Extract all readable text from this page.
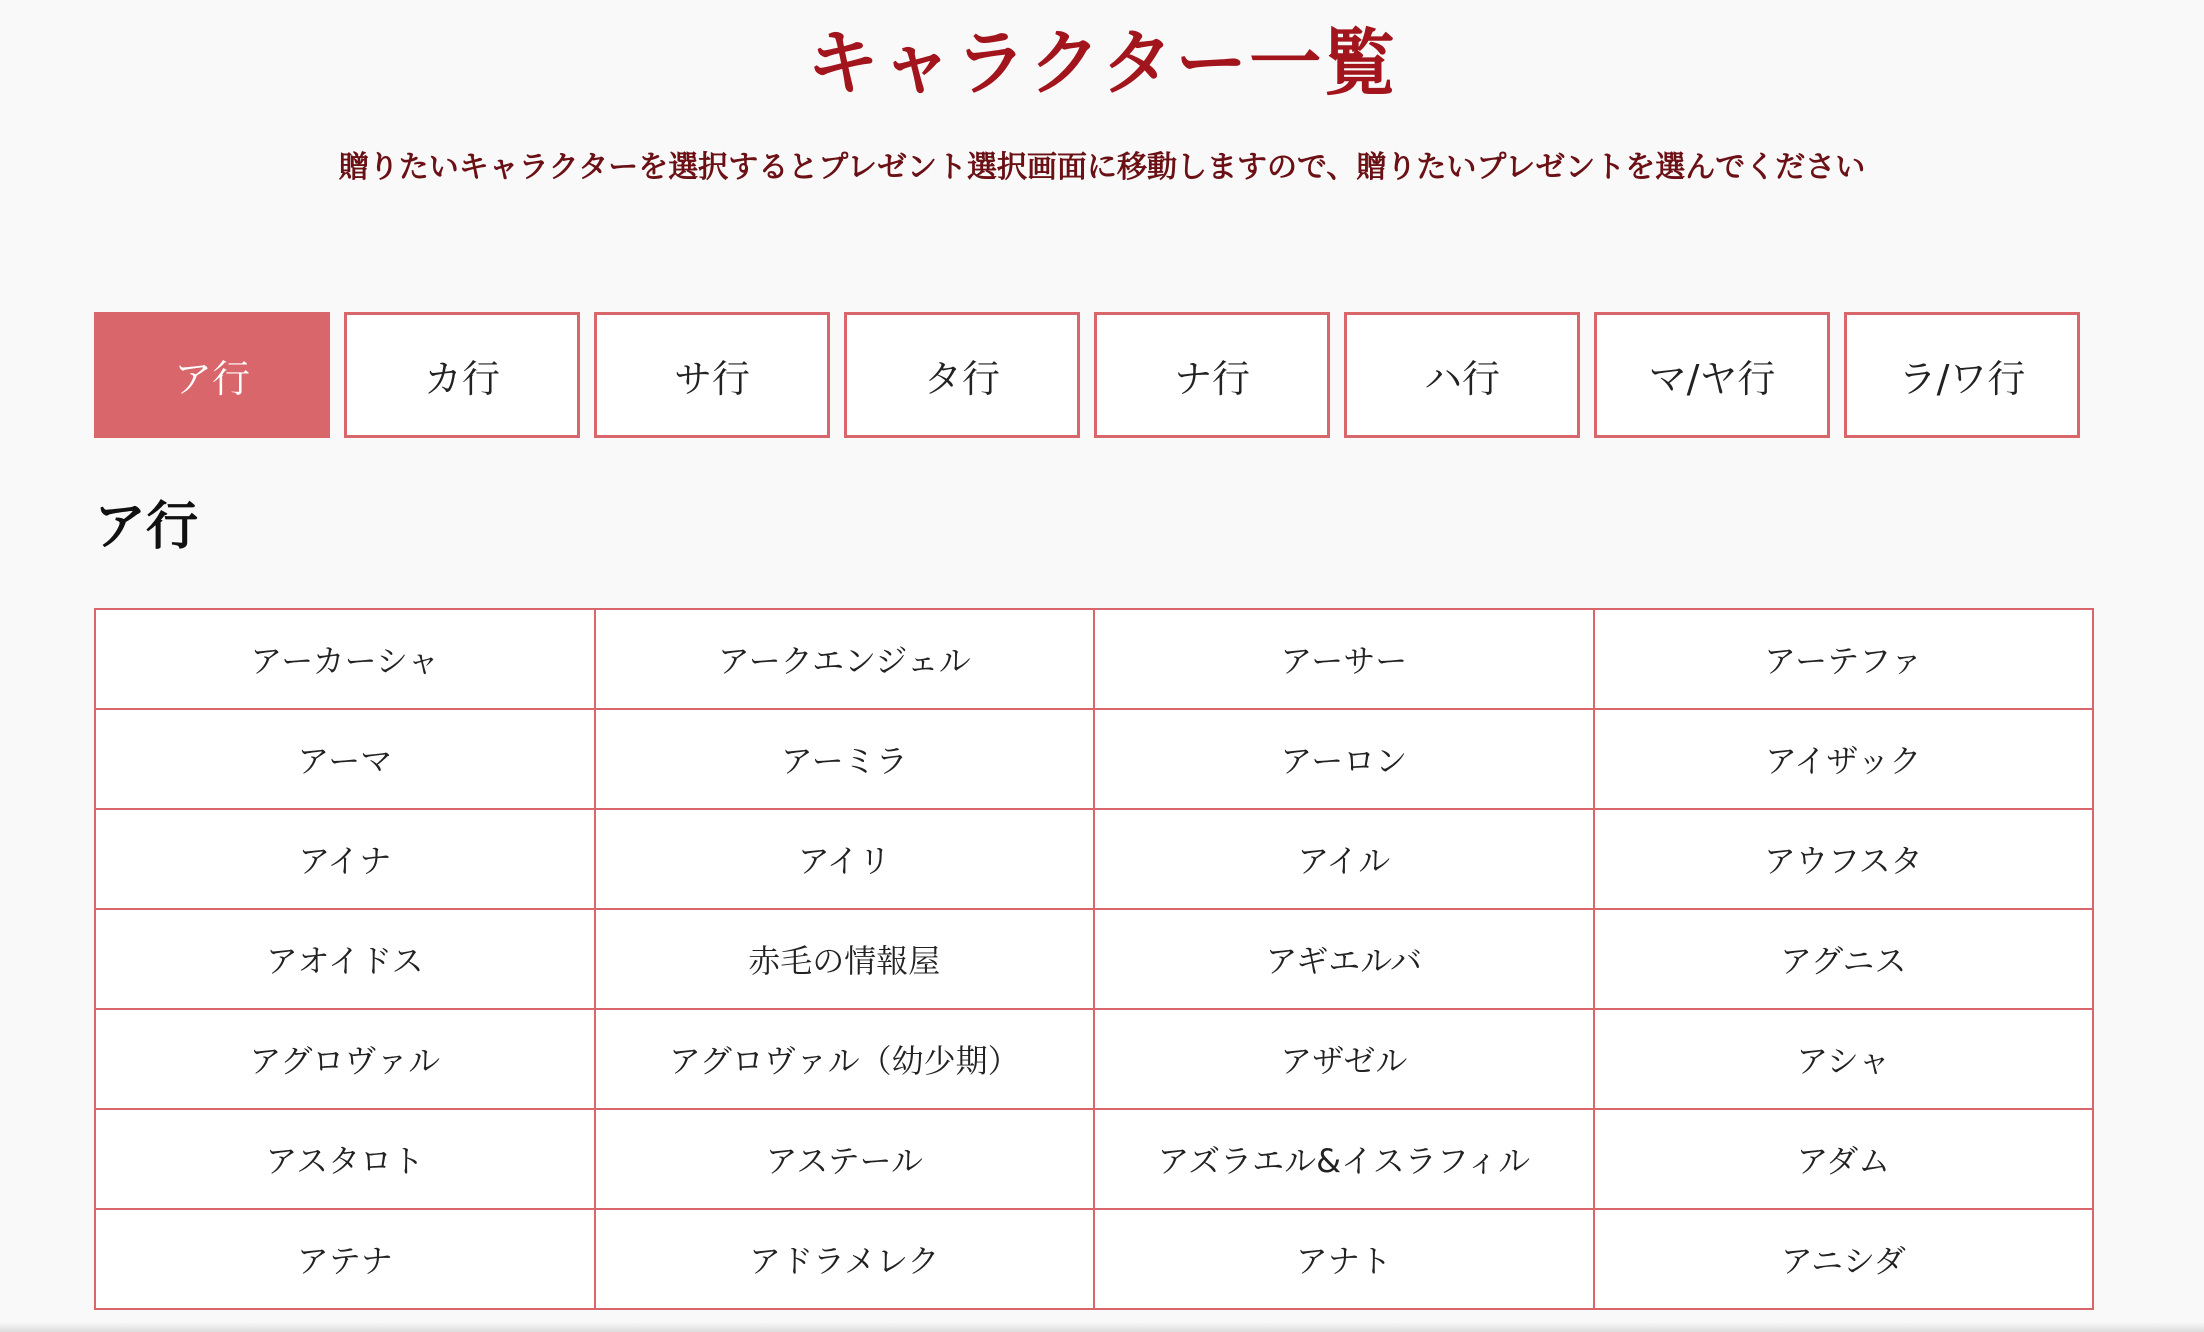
キャラクター一覧

贈りたいキャラクターを選択するとプレゼント選択画面に移動しますので、贈りたいプレゼントを選んでください

ア行	カ行	サ行	タ行	ナ行	ハ行	マ/ヤ行	ラ/ワ行
ア行
アーカーシャ	アークエンジェル	アーサー	アーテファ
アーマ	アーミラ	アーロン	アイザック
アイナ	アイリ	アイル	アウフスタ
アオイドス	赤毛の情報屋	アギエルバ	アグニス
アグロヴァル	アグロヴァル（幼少期）	アザゼル	アシャ
アスタロト	アステール	アズラエル&イスラフィル	アダム
アテナ	アドラメレク	アナト	アニシダ
